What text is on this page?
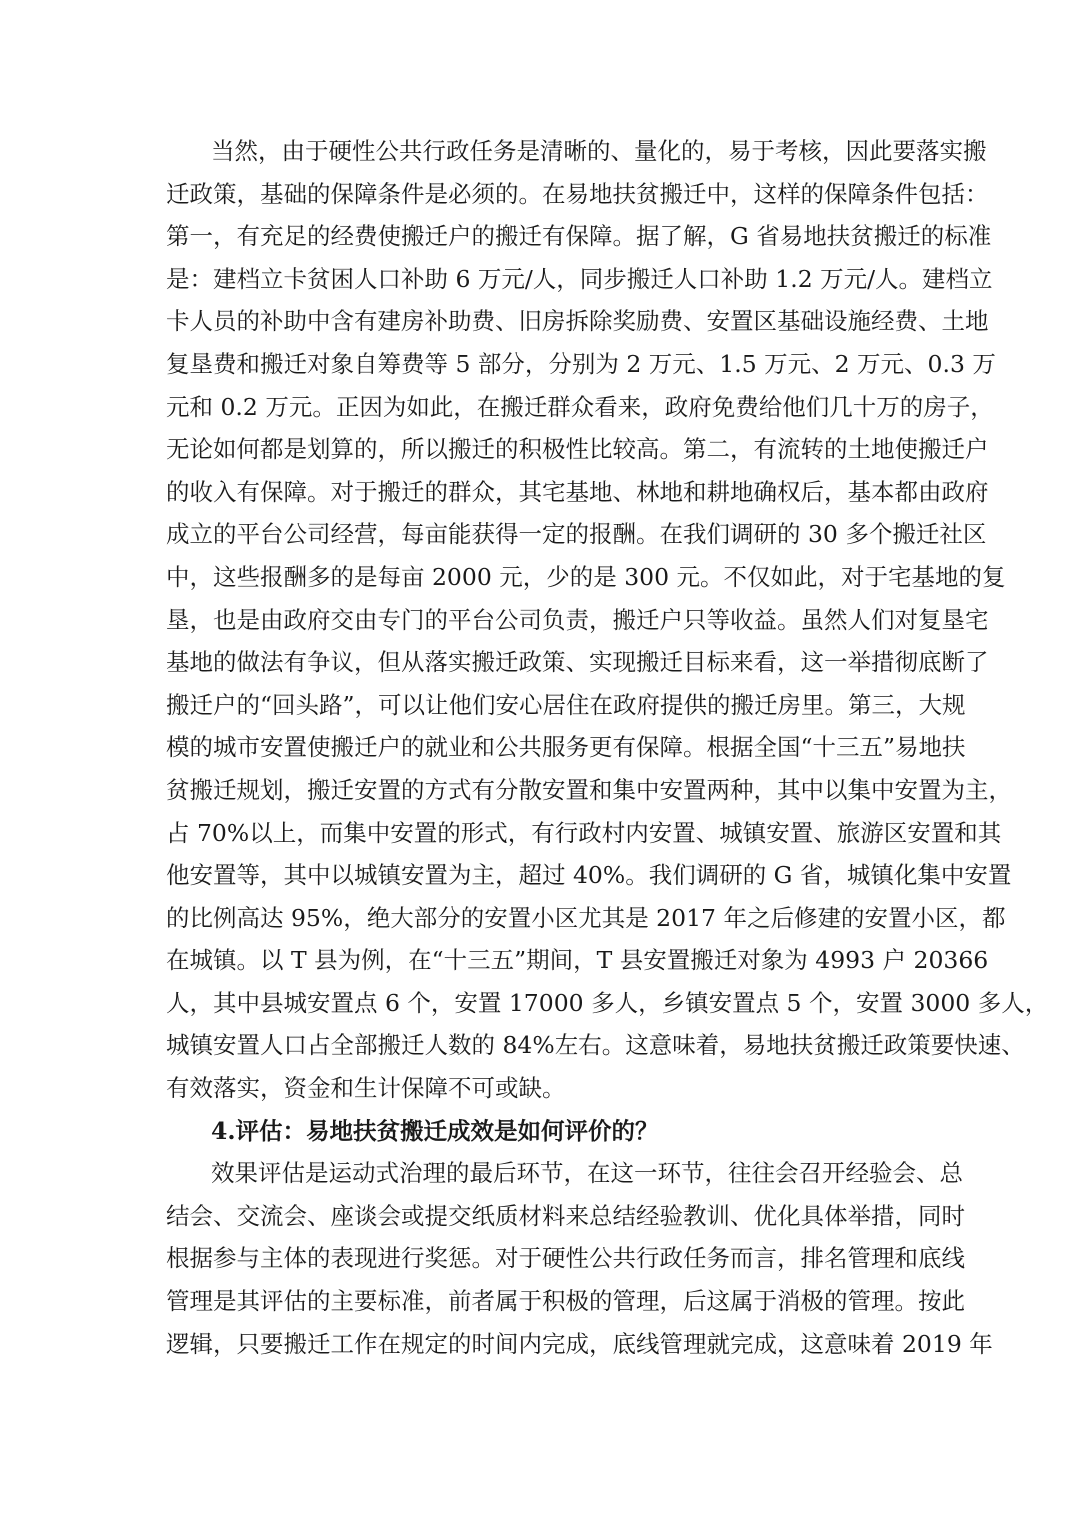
当然，由于硬性公共行政任务是清晰的、量化的，易于考核，因此要落实搬
迁政策，基础的保障条件是必须的。在易地扶贫搬迁中，这样的保障条件包括：
第一，有充足的经费使搬迁户的搬迁有保障。据了解，G 省易地扶贫搬迁的标准
是：建档立卡贫困人口补助 6 万元/人，同步搬迁人口补助 1.2 万元/人。建档立
卡人员的补助中含有建房补助费、旧房拆除奖励费、安置区基础设施经费、土地
复垦费和搬迁对象自筹费等 5 部分，分别为 2 万元、1.5 万元、2 万元、0.3 万
元和 0.2 万元。正因为如此，在搬迁群众看来，政府免费给他们几十万的房子，
无论如何都是划算的，所以搬迁的积极性比较高。第二，有流转的土地使搬迁户
的收入有保障。对于搬迁的群众，其宅基地、林地和耕地确权后，基本都由政府
成立的平台公司经营，每亩能获得一定的报酬。在我们调研的 30 多个搬迁社区
中，这些报酬多的是每亩 2000 元，少的是 300 元。不仅如此，对于宅基地的复
垦，也是由政府交由专门的平台公司负责，搬迁户只等收益。虽然人们对复垦宅
基地的做法有争议，但从落实搬迁政策、实现搬迁目标来看，这一举措彻底断了
搬迁户的“回头路”，可以让他们安心居住在政府提供的搬迁房里。第三，大规
模的城市安置使搬迁户的就业和公共服务更有保障。根据全国“十三五”易地扶
贫搬迁规划，搬迁安置的方式有分散安置和集中安置两种，其中以集中安置为主，
占 70%以上，而集中安置的形式，有行政村内安置、城镇安置、旅游区安置和其
他安置等，其中以城镇安置为主，超过 40%。我们调研的 G 省，城镇化集中安置
的比例高达 95%，绝大部分的安置小区尤其是 2017 年之后修建的安置小区，都
在城镇。以 T 县为例，在“十三五”期间，T 县安置搬迁对象为 4993 户 20366
人，其中县城安置点 6 个，安置 17000 多人，乡镇安置点 5 个，安置 3000 多人，
城镇安置人口占全部搬迁人数的 84%左右。这意味着，易地扶贫搬迁政策要快速、
有效落实，资金和生计保障不可或缺。
4.评估：易地扶贫搬迁成效是如何评价的？
效果评估是运动式治理的最后环节，在这一环节，往往会召开经验会、总
结会、交流会、座谈会或提交纸质材料来总结经验教训、优化具体举措，同时
根据参与主体的表现进行奖惩。对于硬性公共行政任务而言，排名管理和底线
管理是其评估的主要标准，前者属于积极的管理，后这属于消极的管理。按此
逻辑，只要搬迁工作在规定的时间内完成，底线管理就完成，这意味着 2019 年
